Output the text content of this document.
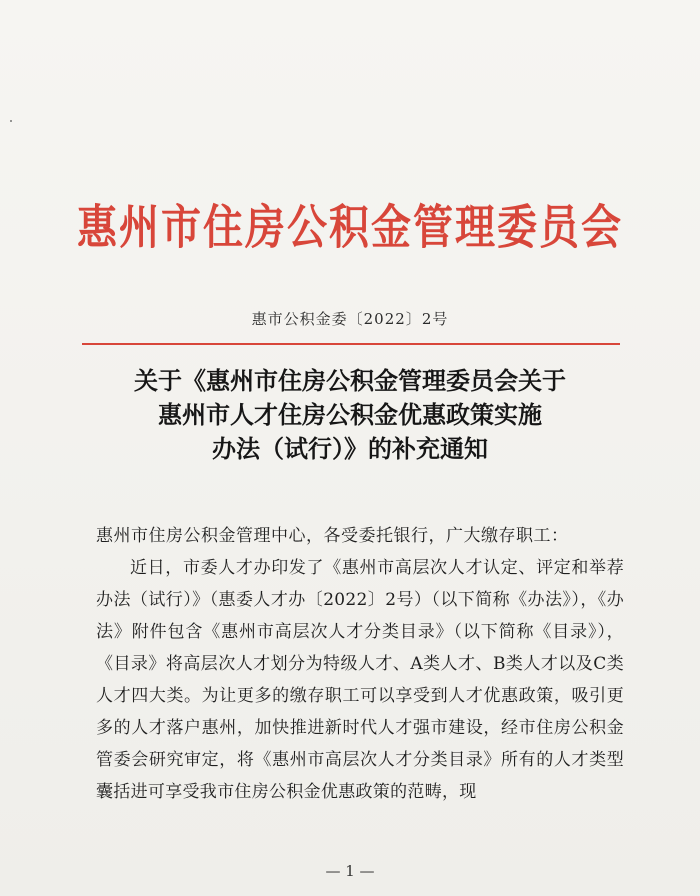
惠州市住房公积金管理委员会
惠市公积金委〔2022〕2号
关于《惠州市住房公积金管理委员会关于
惠州市人才住房公积金优惠政策实施
办法（试行）》的补充通知
惠州市住房公积金管理中心，各受委托银行，广大缴存职工：
近日，市委人才办印发了《惠州市高层次人才认定、评定和举荐办法（试行）》（惠委人才办〔2022〕2号）（以下简称《办法》），《办法》附件包含《惠州市高层次人才分类目录》（以下简称《目录》），《目录》将高层次人才划分为特级人才、A类人才、B类人才以及C类人才四大类。为让更多的缴存职工可以享受到人才优惠政策，吸引更多的人才落户惠州，加快推进新时代人才强市建设，经市住房公积金管委会研究审定，将《惠州市高层次人才分类目录》所有的人才类型囊括进可享受我市住房公积金优惠政策的范畴，现
— 1 —
